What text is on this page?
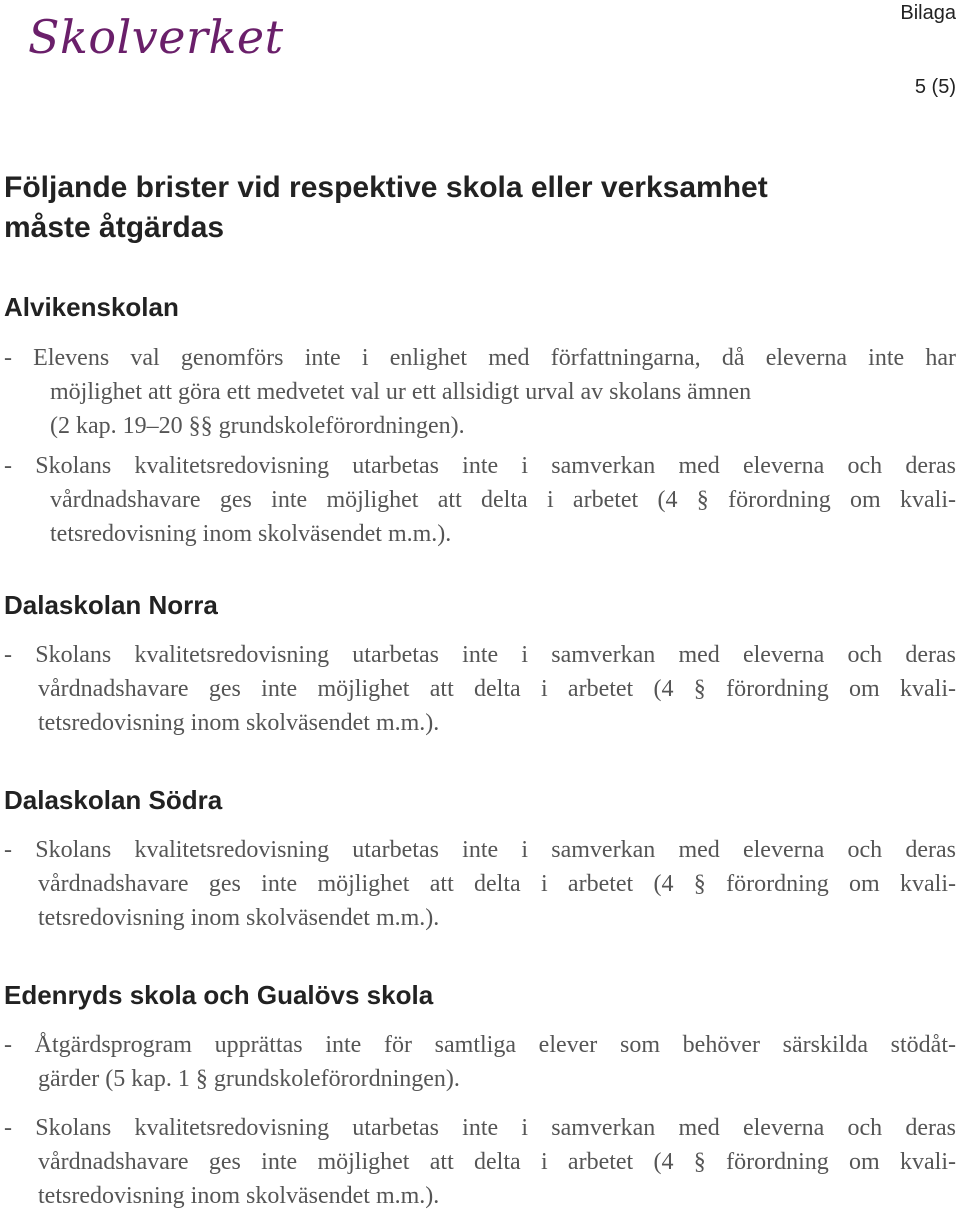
Skolverket	Bilaga
5 (5)
Följande brister vid respektive skola eller verksamhet
måste åtgärdas
Alvikenskolan
- Elevens val genomförs inte i enlighet med författningarna, då eleverna inte har
möjlighet att göra ett medvetet val ur ett allsidigt urval av skolans ämnen
(2 kap. 19–20 §§ grundskoleförordningen).
- Skolans kvalitetsredovisning utarbetas inte i samverkan med eleverna och deras
vårdnadshavare ges inte möjlighet att delta i arbetet (4 § förordning om kvali-
tetsredovisning inom skolväsendet m.m.).
Dalaskolan Norra
- Skolans kvalitetsredovisning utarbetas inte i samverkan med eleverna och deras
vårdnadshavare ges inte möjlighet att delta i arbetet (4 § förordning om kvali-
tetsredovisning inom skolväsendet m.m.).
Dalaskolan Södra
- Skolans kvalitetsredovisning utarbetas inte i samverkan med eleverna och deras
vårdnadshavare ges inte möjlighet att delta i arbetet (4 § förordning om kvali-
tetsredovisning inom skolväsendet m.m.).
Edenryds skola och Gualövs skola
- Åtgärdsprogram upprättas inte för samtliga elever som behöver särskilda stödåt-
gärder (5 kap. 1 § grundskoleförordningen).
- Skolans kvalitetsredovisning utarbetas inte i samverkan med eleverna och deras
vårdnadshavare ges inte möjlighet att delta i arbetet (4 § förordning om kvali-
tetsredovisning inom skolväsendet m.m.).
